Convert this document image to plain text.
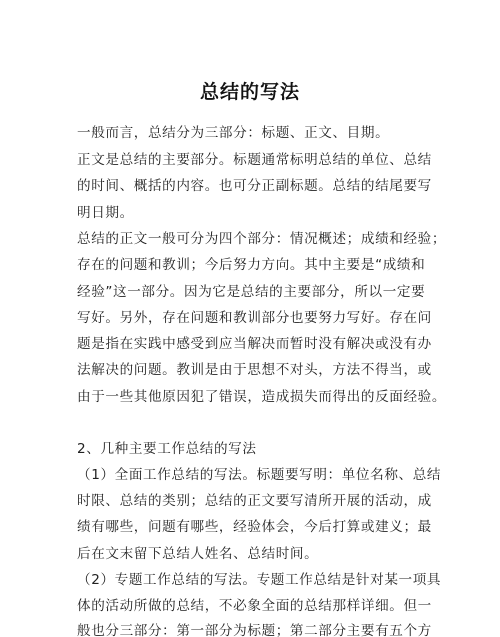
总结的写法
一般而言，总结分为三部分：标题、正文、目期。
正文是总结的主要部分。标题通常标明总结的单位、总结
的时间、概括的内容。也可分正副标题。总结的结尾要写
明日期。
总结的正文一般可分为四个部分：情况概述；成绩和经验；
存在的问题和教训；今后努力方向。其中主要是“成绩和
经验”这一部分。因为它是总结的主要部分，所以一定要
写好。另外，存在问题和教训部分也要努力写好。存在问
题是指在实践中感受到应当解决而暂时没有解决或没有办
法解决的问题。教训是由于思想不对头，方法不得当，或
由于一些其他原因犯了错误，造成损失而得出的反面经验。
2、几种主要工作总结的写法
（1）全面工作总结的写法。标题要写明：单位名称、总结
时限、总结的类别；总结的正文要写清所开展的活动，成
绩有哪些，问题有哪些，经验体会，今后打算或建义；最
后在文末留下总结人姓名、总结时间。
（2）专题工作总结的写法。专题工作总结是针对某一项具
体的活动所做的总结，不必象全面的总结那样详细。但一
般也分三部分：第一部分为标题；第二部分主要有五个方
